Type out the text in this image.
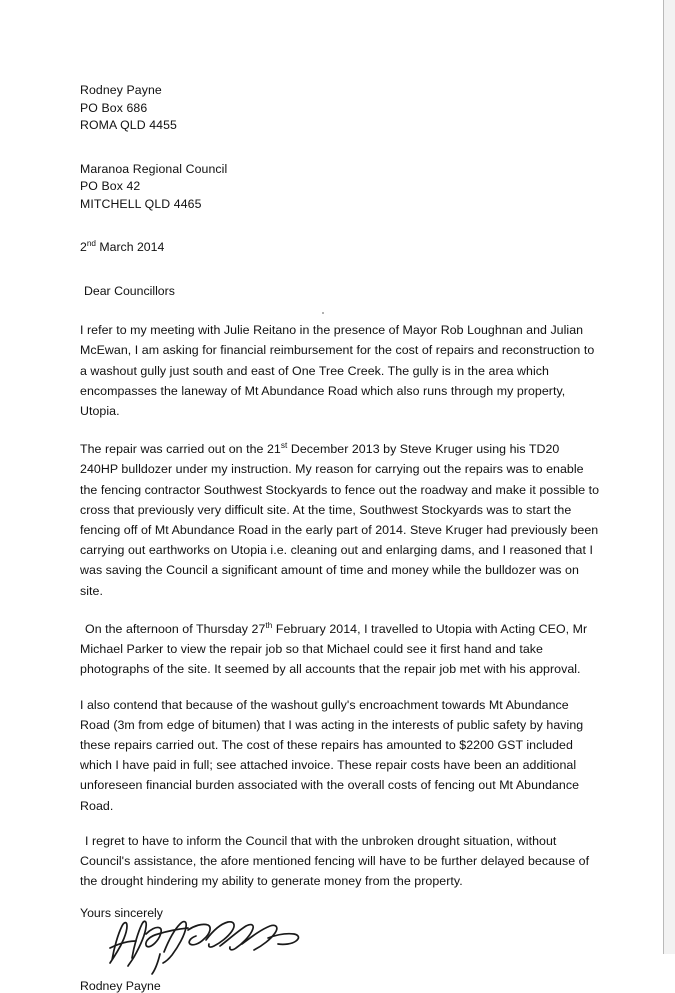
Rodney Payne
PO Box 686
ROMA QLD 4455
Maranoa Regional Council
PO Box 42
MITCHELL QLD 4465
2nd March 2014
Dear Councillors

I refer to my meeting with Julie Reitano in the presence of Mayor Rob Loughnan and Julian McEwan, I am asking for financial reimbursement for the cost of repairs and reconstruction to a washout gully just south and east of One Tree Creek. The gully is in the area which encompasses the laneway of Mt Abundance Road which also runs through my property, Utopia.

The repair was carried out on the 21st December 2013 by Steve Kruger using his TD20 240HP bulldozer under my instruction. My reason for carrying out the repairs was to enable the fencing contractor Southwest Stockyards to fence out the roadway and make it possible to cross that previously very difficult site. At the time, Southwest Stockyards was to start the fencing off of Mt Abundance Road in the early part of 2014. Steve Kruger had previously been carrying out earthworks on Utopia i.e. cleaning out and enlarging dams, and I reasoned that I was saving the Council a significant amount of time and money while the bulldozer was on site.

On the afternoon of Thursday 27th February 2014, I travelled to Utopia with Acting CEO, Mr Michael Parker to view the repair job so that Michael could see it first hand and take photographs of the site. It seemed by all accounts that the repair job met with his approval.

I also contend that because of the washout gully's encroachment towards Mt Abundance Road (3m from edge of bitumen) that I was acting in the interests of public safety by having these repairs carried out. The cost of these repairs has amounted to $2200 GST included which I have paid in full; see attached invoice. These repair costs have been an additional unforeseen financial burden associated with the overall costs of fencing out Mt Abundance Road.

I regret to have to inform the Council that with the unbroken drought situation, without Council's assistance, the afore mentioned fencing will have to be further delayed because of the drought hindering my ability to generate money from the property.

Yours sincerely
Rodney Payne
